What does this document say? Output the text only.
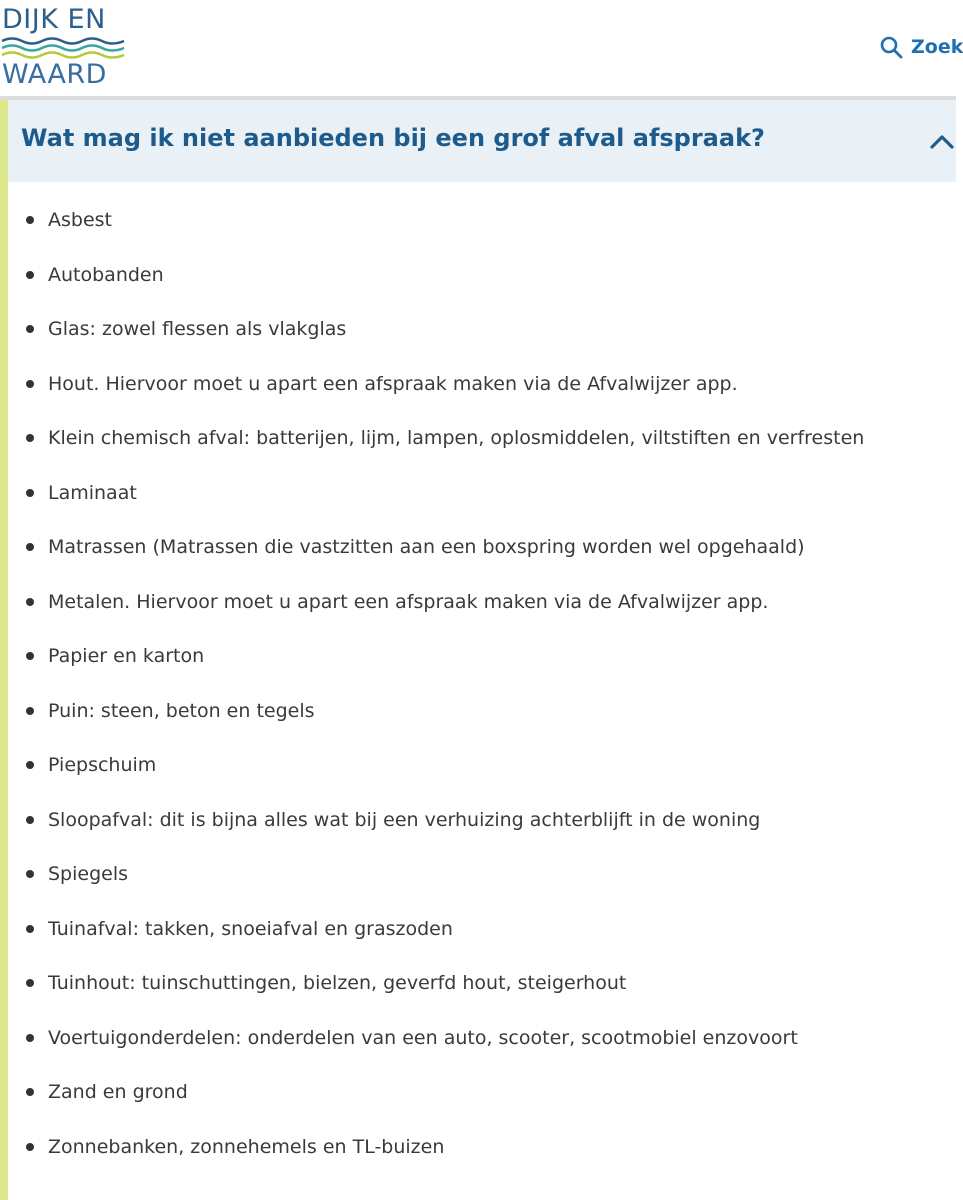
DIJK EN
WAARD
Zoek
Wat mag ik niet aanbieden bij een grof afval afspraak?
Asbest
Autobanden
Glas: zowel flessen als vlakglas
Hout. Hiervoor moet u apart een afspraak maken via de Afvalwijzer app.
Klein chemisch afval: batterijen, lijm, lampen, oplosmiddelen, viltstiften en verfresten
Laminaat
Matrassen (Matrassen die vastzitten aan een boxspring worden wel opgehaald)
Metalen. Hiervoor moet u apart een afspraak maken via de Afvalwijzer app.
Papier en karton
Puin: steen, beton en tegels
Piepschuim
Sloopafval: dit is bijna alles wat bij een verhuizing achterblijft in de woning
Spiegels
Tuinafval: takken, snoeiafval en graszoden
Tuinhout: tuinschuttingen, bielzen, geverfd hout, steigerhout
Voertuigonderdelen: onderdelen van een auto, scooter, scootmobiel enzovoort
Zand en grond
Zonnebanken, zonnehemels en TL-buizen
